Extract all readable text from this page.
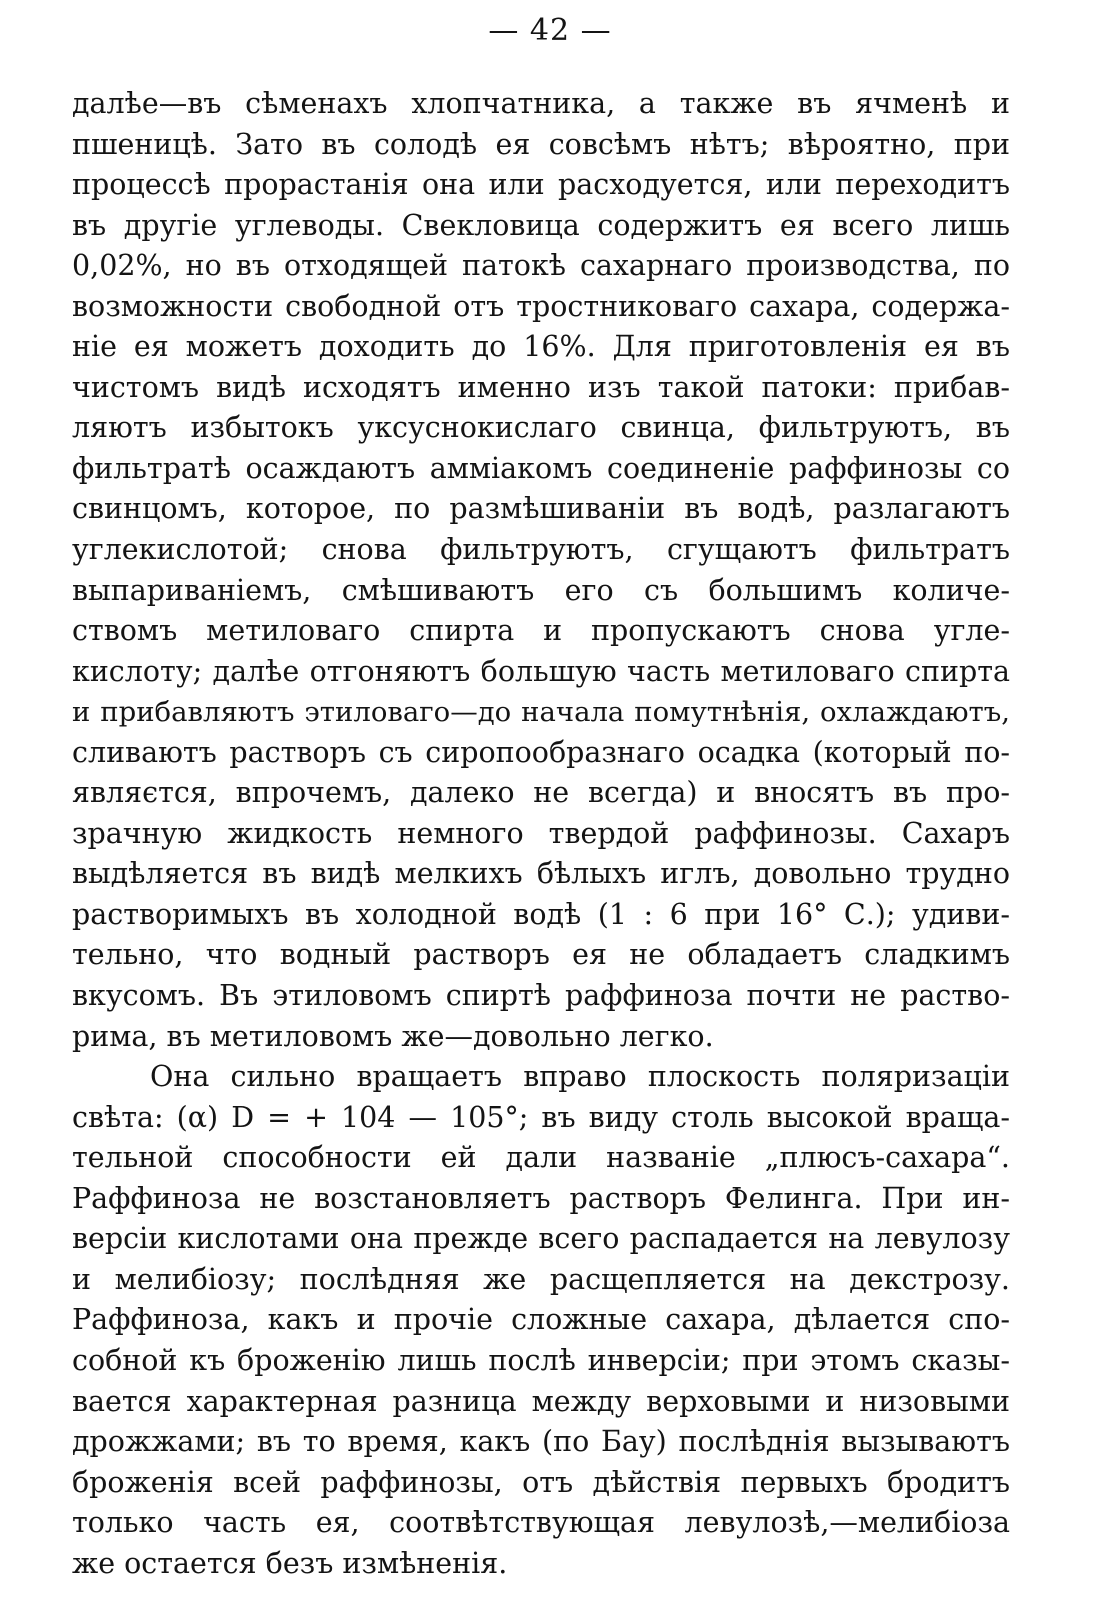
— 42 —
далѣе—въ сѣменахъ хлопчатника, а также въ ячменѣ и
пшеницѣ. Зато въ солодѣ ея совсѣмъ нѣтъ; вѣроятно, при
процессѣ прорастанія она или расходуется, или переходитъ
въ другіе углеводы. Свекловица содержитъ ея всего лишь
0,02%, но въ отходящей патокѣ сахарнаго производства, по
возможности свободной отъ тростниковаго сахара, содержа-
ніе ея можетъ доходить до 16%. Для приготовленія ея въ
чистомъ видѣ исходятъ именно изъ такой патоки: прибав-
ляютъ избытокъ уксуснокислаго свинца, фильтруютъ, въ
фильтратѣ осаждаютъ амміакомъ соединеніе раффинозы со
свинцомъ, которое, по размѣшиваніи въ водѣ, разлагаютъ
углекислотой; снова фильтруютъ, сгущаютъ фильтратъ
выпариваніемъ, смѣшиваютъ его съ большимъ количе-
ствомъ метиловаго спирта и пропускаютъ снова угле-
кислоту; далѣе отгоняютъ большую часть метиловаго спирта
и прибавляютъ этиловаго—до начала помутнѣнія, охлаждаютъ,
сливаютъ растворъ съ сиропообразнаго осадка (который по-
являєтся, впрочемъ, далеко не всегда) и вносятъ въ про-
зрачную жидкость немного твердой раффинозы. Сахаръ
выдѣляется въ видѣ мелкихъ бѣлыхъ иглъ, довольно трудно
растворимыхъ въ холодной водѣ (1 : 6 при 16° С.); удиви-
тельно, что водный растворъ ея не обладаетъ сладкимъ
вкусомъ. Въ этиловомъ спиртѣ раффиноза почти не раство-
рима, въ метиловомъ же—довольно легко.
Она сильно вращаетъ вправо плоскость поляризаціи
свѣта: (α) D = + 104 — 105°; въ виду столь высокой враща-
тельной способности ей дали названіе „плюсъ-сахара“.
Раффиноза не возстановляетъ растворъ Фелинга. При ин-
версіи кислотами она прежде всего распадается на левулозу
и мелибіозу; послѣдняя же расщепляется на декстрозу.
Раффиноза, какъ и прочіе сложные сахара, дѣлается спо-
собной къ броженію лишь послѣ инверсіи; при этомъ сказы-
вается характерная разница между верховыми и низовыми
дрожжами; въ то время, какъ (по Бау) послѣднія вызываютъ
броженія всей раффинозы, отъ дѣйствія первыхъ бродитъ
только часть ея, соотвѣтствующая левулозѣ,—мелибіоза
же остается безъ измѣненія.
